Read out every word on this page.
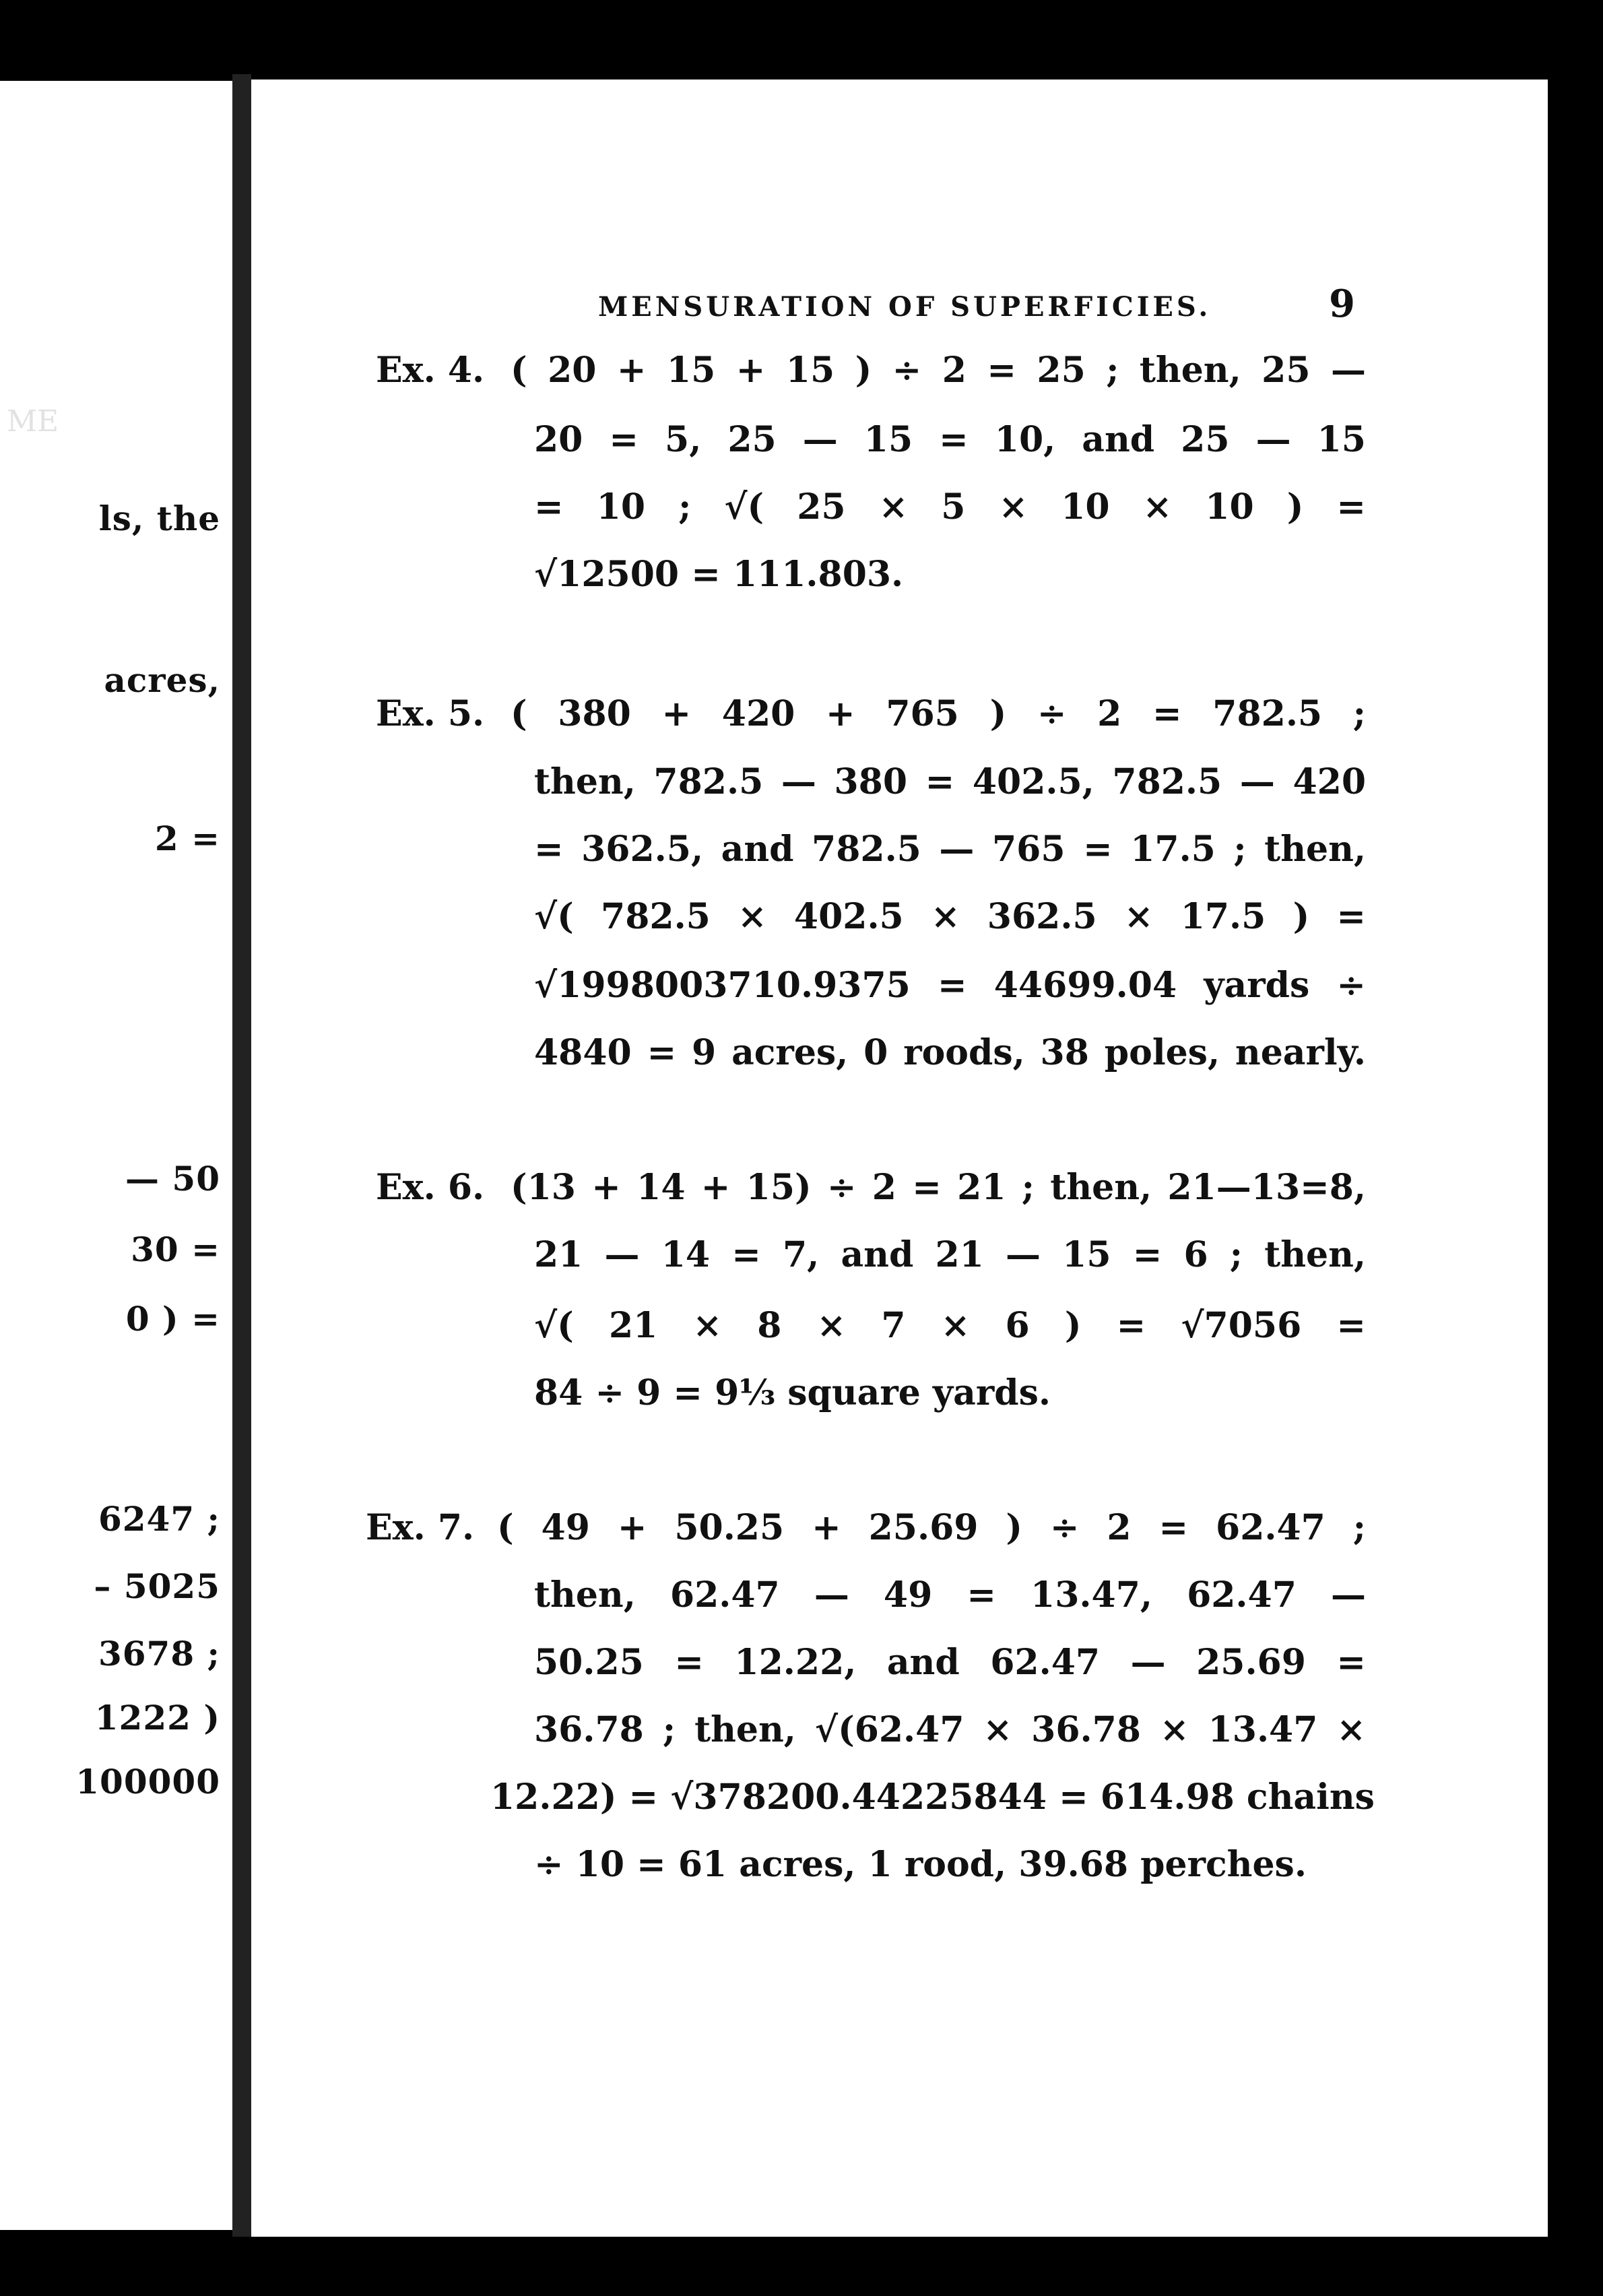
ME
ls, the
acres,
2 =
— 50
30 =
0 ) =
6247 ;
– 5025
3678 ;
1222 )
100000
MENSURATION OF SUPERFICIES.	9
Ex. 4. ( 20 + 15 + 15 ) ÷ 2 = 25 ; then, 25 —
20 = 5, 25 — 15 = 10, and 25 — 15
= 10 ; √( 25 × 5 × 10 × 10 ) =
√12500 = 111.803.
Ex. 5. ( 380 + 420 + 765 ) ÷ 2 = 782.5 ;
then, 782.5 — 380 = 402.5, 782.5 — 420
= 362.5, and 782.5 — 765 = 17.5 ; then,
√( 782.5 × 402.5 × 362.5 × 17.5 ) =
√1998003710.9375 = 44699.04 yards ÷
4840 = 9 acres, 0 roods, 38 poles, nearly.
Ex. 6. (13 + 14 + 15) ÷ 2 = 21 ; then, 21—13=8,
21 — 14 = 7, and 21 — 15 = 6 ; then,
√( 21 × 8 × 7 × 6 ) = √7056 =
84 ÷ 9 = 9⅓ square yards.
Ex. 7. ( 49 + 50.25 + 25.69 ) ÷ 2 = 62.47 ;
then, 62.47 — 49 = 13.47, 62.47 —
50.25 = 12.22, and 62.47 — 25.69 =
36.78 ; then, √(62.47 × 36.78 × 13.47 ×
12.22) = √378200.44225844 = 614.98 chains
÷ 10 = 61 acres, 1 rood, 39.68 perches.
